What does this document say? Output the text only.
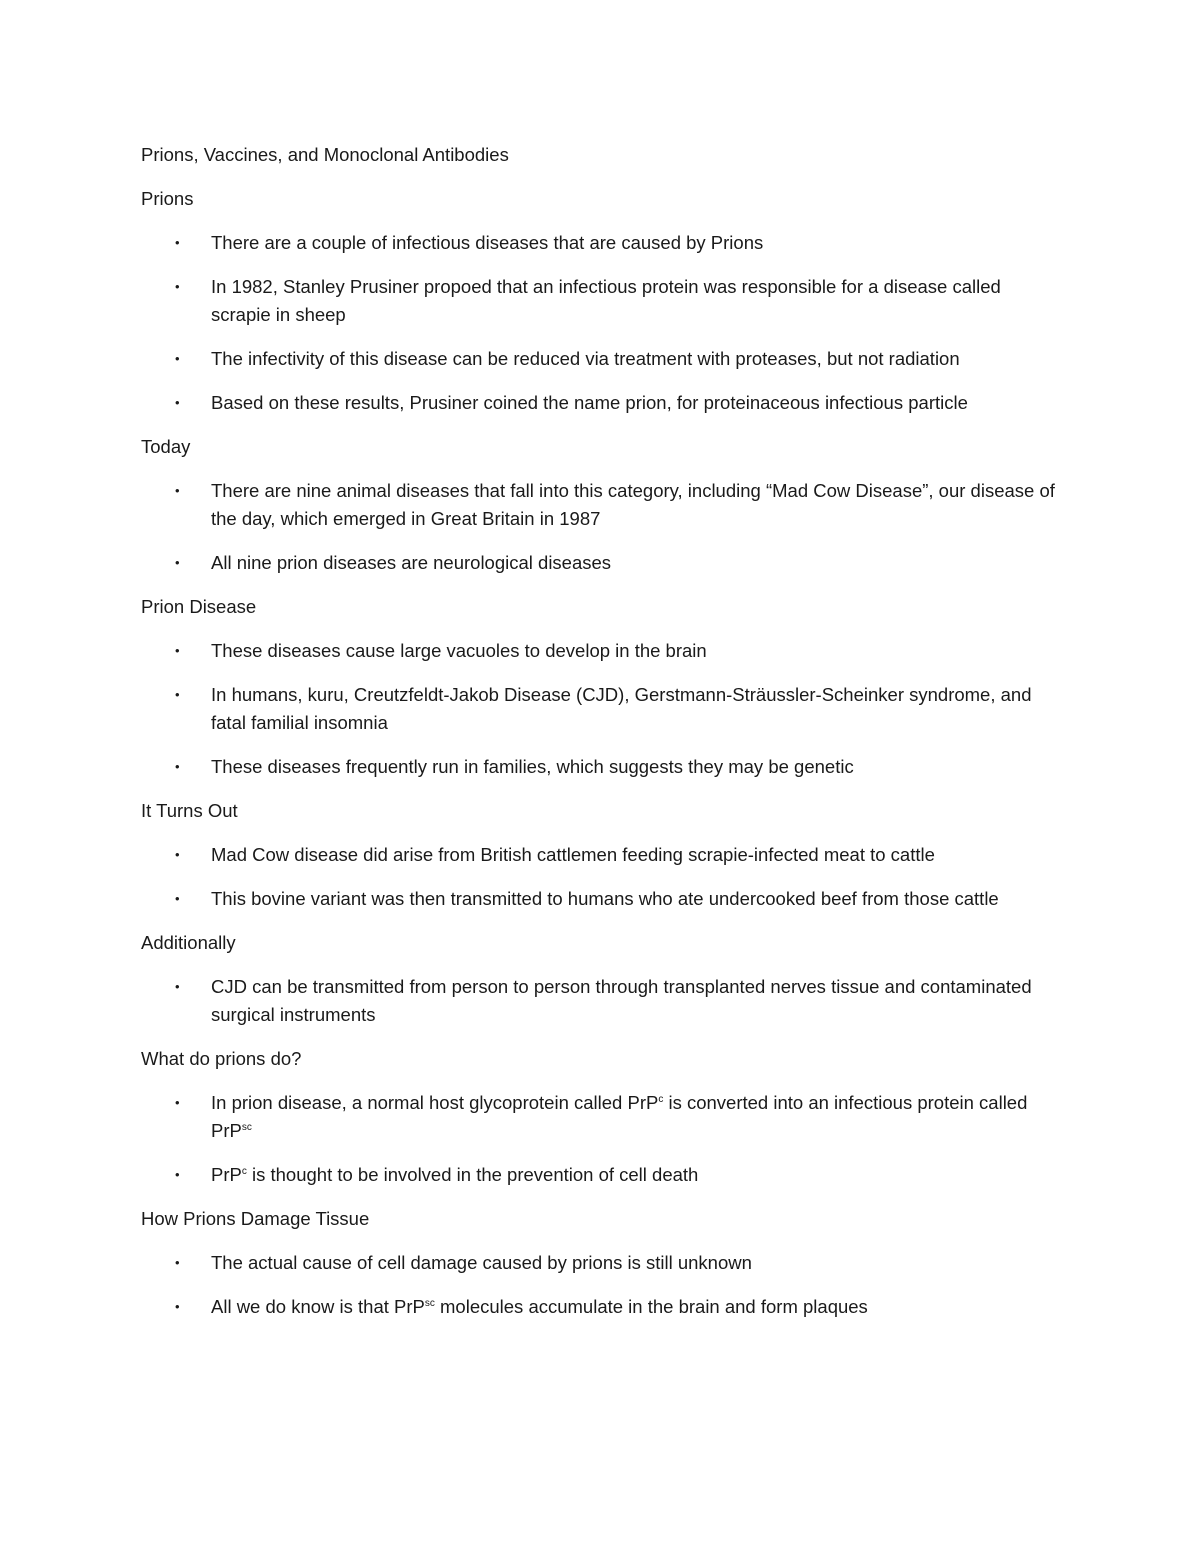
Prions, Vaccines, and Monoclonal Antibodies

Prions

• There are a couple of infectious diseases that are caused by Prions
• In 1982, Stanley Prusiner propoed that an infectious protein was responsible for a disease called scrapie in sheep
• The infectivity of this disease can be reduced via treatment with proteases, but not radiation
• Based on these results, Prusiner coined the name prion, for proteinaceous infectious particle

Today

• There are nine animal diseases that fall into this category, including “Mad Cow Disease”, our disease of the day, which emerged in Great Britain in 1987
• All nine prion diseases are neurological diseases

Prion Disease

• These diseases cause large vacuoles to develop in the brain
• In humans, kuru, Creutzfeldt-Jakob Disease (CJD), Gerstmann-Sträussler-Scheinker syndrome, and fatal familial insomnia
• These diseases frequently run in families, which suggests they may be genetic

It Turns Out

• Mad Cow disease did arise from British cattlemen feeding scrapie-infected meat to cattle
• This bovine variant was then transmitted to humans who ate undercooked beef from those cattle

Additionally

• CJD can be transmitted from person to person through transplanted nerves tissue and contaminated surgical instruments

What do prions do?

• In prion disease, a normal host glycoprotein called PrP$^c$ is converted into an infectious protein called PrP$^{sc}$
• PrP$^c$ is thought to be involved in the prevention of cell death

How Prions Damage Tissue

• The actual cause of cell damage caused by prions is still unknown
• All we do know is that PrP$^{sc}$ molecules accumulate in the brain and form plaques
